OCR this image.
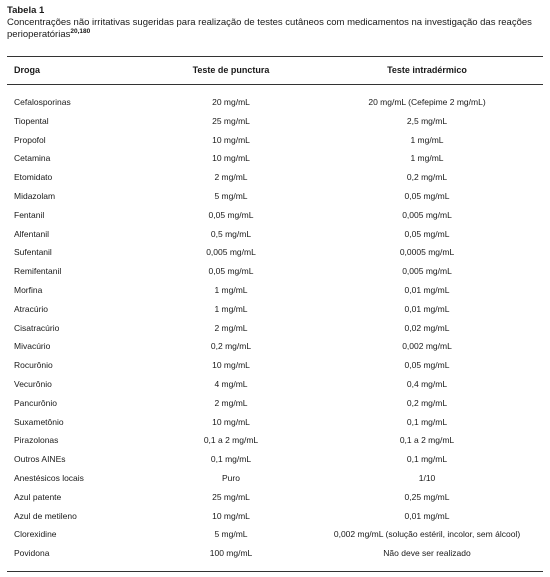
Tabela 1
Concentrações não irritativas sugeridas para realização de testes cutâneos com medicamentos na investigação das reações perioperatórias$^{20,180}$
Droga	Teste de punctura	Teste intradérmico
Cefalosporinas	20 mg/mL	20 mg/mL (Cefepime 2 mg/mL)
Tiopental	25 mg/mL	2,5 mg/mL
Propofol	10 mg/mL	1 mg/mL
Cetamina	10 mg/mL	1 mg/mL
Etomidato	2 mg/mL	0,2 mg/mL
Midazolam	5 mg/mL	0,05 mg/mL
Fentanil	0,05 mg/mL	0,005 mg/mL
Alfentanil	0,5 mg/mL	0,05 mg/mL
Sufentanil	0,005 mg/mL	0,0005 mg/mL
Remifentanil	0,05 mg/mL	0,005 mg/mL
Morfina	1 mg/mL	0,01 mg/mL
Atracúrio	1 mg/mL	0,01 mg/mL
Cisatracúrio	2 mg/mL	0,02 mg/mL
Mivacúrio	0,2 mg/mL	0,002 mg/mL
Rocurônio	10 mg/mL	0,05 mg/mL
Vecurônio	4 mg/mL	0,4 mg/mL
Pancurônio	2 mg/mL	0,2 mg/mL
Suxametônio	10 mg/mL	0,1 mg/mL
Pirazolonas	0,1 a 2 mg/mL	0,1 a 2 mg/mL
Outros AINEs	0,1 mg/mL	0,1 mg/mL
Anestésicos locais	Puro	1/10
Azul patente	25 mg/mL	0,25 mg/mL
Azul de metileno	10 mg/mL	0,01 mg/mL
Clorexidine	5 mg/mL	0,002 mg/mL (solução estéril, incolor, sem álcool)
Povidona	100 mg/mL	Não deve ser realizado
